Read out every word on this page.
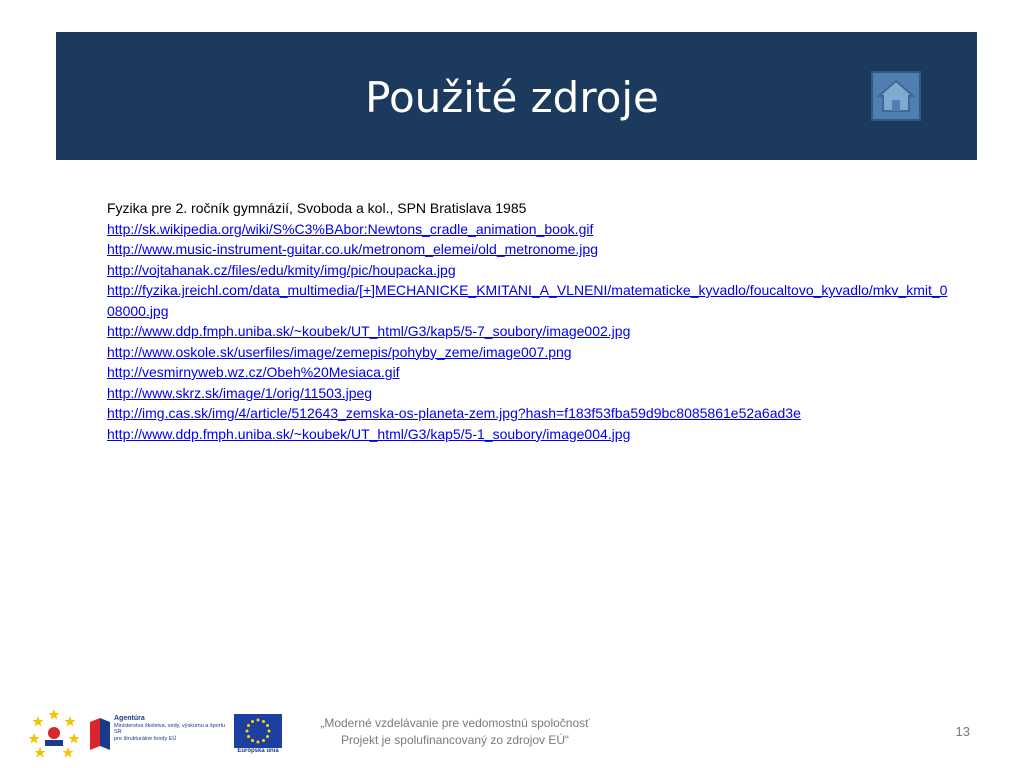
Použité zdroje
Fyzika pre 2. ročník gymnázií, Svoboda a kol., SPN Bratislava 1985
http://sk.wikipedia.org/wiki/S%C3%BAbor:Newtons_cradle_animation_book.gif
http://www.music-instrument-guitar.co.uk/metronom_elemei/old_metronome.jpg
http://vojtahanak.cz/files/edu/kmity/img/pic/houpacka.jpg
http://fyzika.jreichl.com/data_multimedia/[+]MECHANICKE_KMITANI_A_VLNENI/matematicke_kyvadlo/foucaltovo_kyvadlo/mkv_kmit_008000.jpg
http://www.ddp.fmph.uniba.sk/~koubek/UT_html/G3/kap5/5-7_soubory/image002.jpg
http://www.oskole.sk/userfiles/image/zemepis/pohyby_zeme/image007.png
http://vesmirnyweb.wz.cz/Obeh%20Mesiaca.gif
http://www.skrz.sk/image/1/orig/11503.jpeg
http://img.cas.sk/img/4/article/512643_zemska-os-planeta-zem.jpg?hash=f183f53fba59d9bc8085861e52a6ad3e
http://www.ddp.fmph.uniba.sk/~koubek/UT_html/G3/kap5/5-1_soubory/image004.jpg
Agentúra
Ministerstva školstva, vedy, výskumu a športu SR
pre štrukturálne fondy EÚ
Európska únia
„Moderné vzdelávanie pre vedomostnú spoločnosť
Projekt je spolufinancovaný zo zdrojov EÚ“
13
